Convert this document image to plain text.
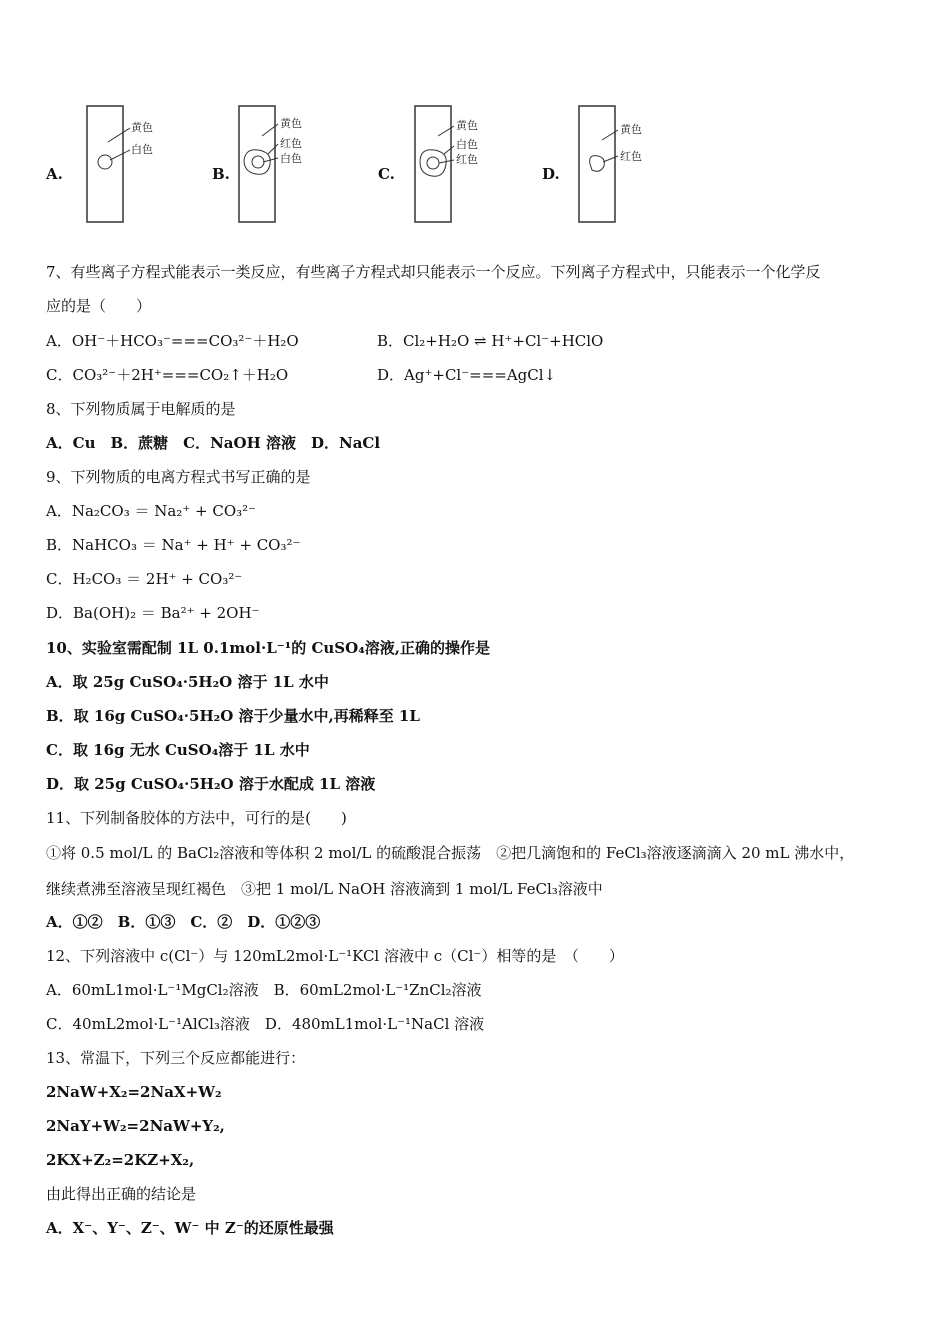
A.
黄色
白色
B.
黄色
红色
白色
C.
黄色
白色
红色
D.
黄色
红色
7、有些离子方程式能表示一类反应，有些离子方程式却只能表示一个反应。下列离子方程式中，只能表示一个化学反
应的是（　　）
A．OH⁻＋HCO₃⁻===CO₃²⁻＋H₂O	B．Cl₂+H₂O ⇌ H⁺+Cl⁻+HClO
C．CO₃²⁻＋2H⁺===CO₂↑＋H₂O	D．Ag⁺+Cl⁻===AgCl↓
8、下列物质属于电解质的是
A．Cu　B．蔗糖　C．NaOH 溶液　D．NaCl
9、下列物质的电离方程式书写正确的是
A．Na₂CO₃ ＝ Na₂⁺ + CO₃²⁻
B．NaHCO₃ ＝ Na⁺ + H⁺ + CO₃²⁻
C．H₂CO₃ ＝ 2H⁺ + CO₃²⁻
D．Ba(OH)₂ ＝ Ba²⁺ + 2OH⁻
10、实验室需配制 1L 0.1mol·L⁻¹的 CuSO₄溶液,正确的操作是
A．取 25g CuSO₄·5H₂O 溶于 1L 水中
B．取 16g CuSO₄·5H₂O 溶于少量水中,再稀释至 1L
C．取 16g 无水 CuSO₄溶于 1L 水中
D．取 25g CuSO₄·5H₂O 溶于水配成 1L 溶液
11、下列制备胶体的方法中，可行的是(　　)
①将 0.5 mol/L 的 BaCl₂溶液和等体积 2 mol/L 的硫酸混合振荡　②把几滴饱和的 FeCl₃溶液逐滴滴入 20 mL 沸水中，
继续煮沸至溶液呈现红褐色　③把 1 mol/L NaOH 溶液滴到 1 mol/L FeCl₃溶液中
A．①②　B．①③　C．②　D．①②③
12、下列溶液中 c(Cl⁻）与 120mL2mol·L⁻¹KCl 溶液中 c（Cl⁻）相等的是　（　　）
A．60mL1mol·L⁻¹MgCl₂溶液　B．60mL2mol·L⁻¹ZnCl₂溶液
C．40mL2mol·L⁻¹AlCl₃溶液　D．480mL1mol·L⁻¹NaCl 溶液
13、常温下，下列三个反应都能进行：
2NaW+X₂=2NaX+W₂
2NaY+W₂=2NaW+Y₂,
2KX+Z₂=2KZ+X₂,
由此得出正确的结论是
A．X⁻、Y⁻、Z⁻、W⁻ 中 Z⁻的还原性最强
